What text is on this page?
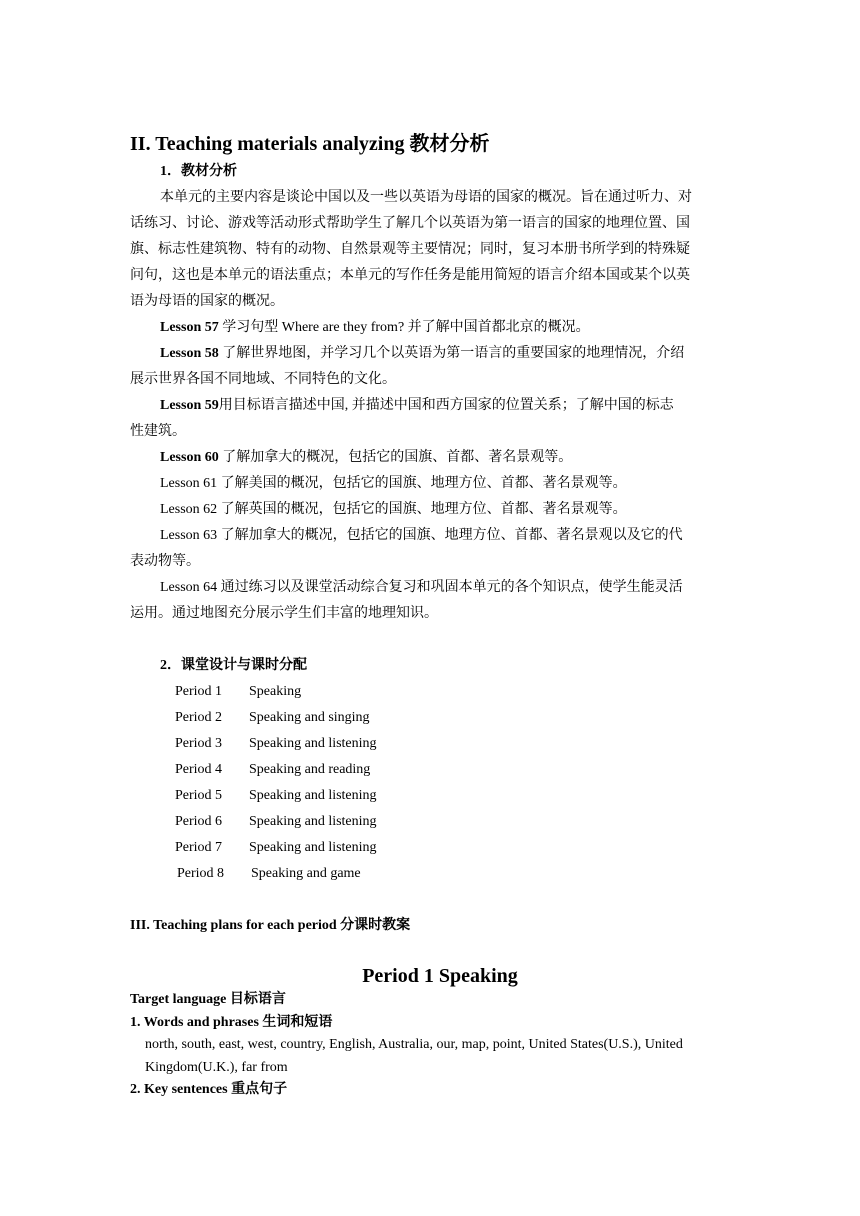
II. Teaching materials analyzing 教材分析
1．教材分析
本单元的主要内容是谈论中国以及一些以英语为母语的国家的概况。旨在通过听力、对
话练习、讨论、游戏等活动形式帮助学生了解几个以英语为第一语言的国家的地理位置、国
旗、标志性建筑物、特有的动物、自然景观等主要情况；同时，复习本册书所学到的特殊疑
问句，这也是本单元的语法重点；本单元的写作任务是能用简短的语言介绍本国或某个以英
语为母语的国家的概况。
Lesson 57 学习句型 Where are they from? 并了解中国首都北京的概况。
Lesson 58 了解世界地图，并学习几个以英语为第一语言的重要国家的地理情况，介绍
展示世界各国不同地域、不同特色的文化。
Lesson 59用目标语言描述中国, 并描述中国和西方国家的位置关系；了解中国的标志
性建筑。
Lesson 60 了解加拿大的概况，包括它的国旗、首都、著名景观等。
Lesson 61 了解美国的概况，包括它的国旗、地理方位、首都、著名景观等。
Lesson 62 了解英国的概况，包括它的国旗、地理方位、首都、著名景观等。
Lesson 63 了解加拿大的概况，包括它的国旗、地理方位、首都、著名景观以及它的代
表动物等。
Lesson 64 通过练习以及课堂活动综合复习和巩固本单元的各个知识点，使学生能灵活
运用。通过地图充分展示学生们丰富的地理知识。
2．课堂设计与课时分配
Period 1 Speaking
Period 2 Speaking and singing
Period 3 Speaking and listening
Period 4 Speaking and reading
Period 5 Speaking and listening
Period 6 Speaking and listening
Period 7 Speaking and listening
Period 8 Speaking and game
III. Teaching plans for each period 分课时教案
Period 1 Speaking
Target language 目标语言
1. Words and phrases 生词和短语
north, south, east, west, country, English, Australia, our, map, point, United States(U.S.), United
Kingdom(U.K.), far from
2. Key sentences 重点句子
